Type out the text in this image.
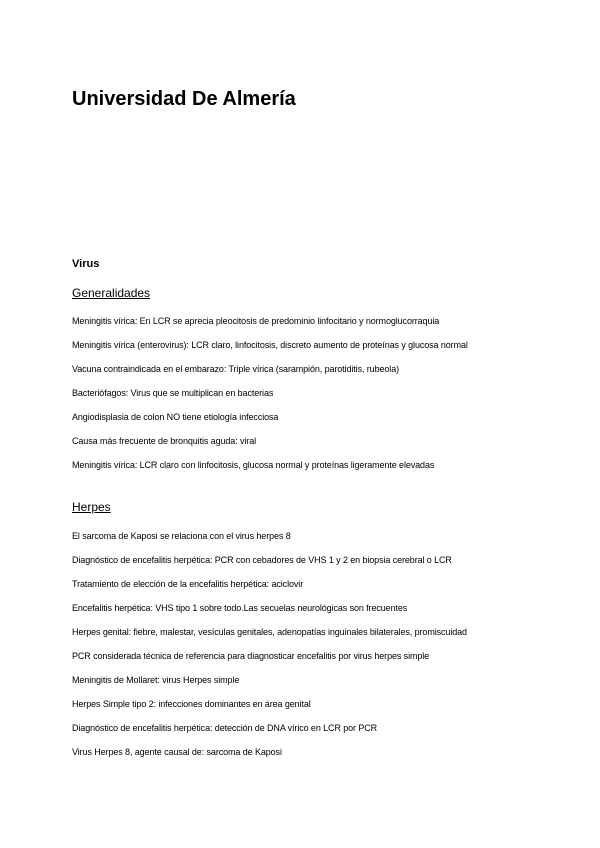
Universidad De Almería
Virus
Generalidades
Meningitis vírica: En LCR se aprecia pleocitosis de predominio linfocitario y normoglucorraquia
Meningitis vírica (enterovirus): LCR claro, linfocitosis, discreto aumento de proteínas y glucosa normal
Vacuna contraindicada en el embarazo: Triple vírica (sarampión, parotiditis, rubeola)
Bacteriófagos: Virus que se multiplican en bacterias
Angiodisplasia de colon NO tiene etiología infecciosa
Causa más frecuente de bronquitis aguda: viral
Meningitis vírica: LCR claro con linfocitosis, glucosa normal y proteínas ligeramente elevadas
Herpes
El sarcoma de Kaposi se relaciona con el virus herpes 8
Diagnóstico de encefalitis herpética: PCR con cebadores de VHS 1 y 2 en biopsia cerebral o LCR
Tratamiento de elección de la encefalitis herpética: aciclovir
Encefalitis herpética: VHS tipo 1 sobre todo.Las secuelas neurológicas son frecuentes
Herpes genital: fiebre, malestar, vesículas genitales, adenopatías inguinales bilaterales, promiscuidad
PCR considerada técnica de referencia para diagnosticar encefalitis por virus herpes simple
Meningitis de Mollaret: virus Herpes simple
Herpes Simple tipo 2: infecciones dominantes en área genital
Diagnóstico de encefalitis herpética: detección de DNA vírico en LCR por PCR
Virus Herpes 8, agente causal de: sarcoma de Kaposi
